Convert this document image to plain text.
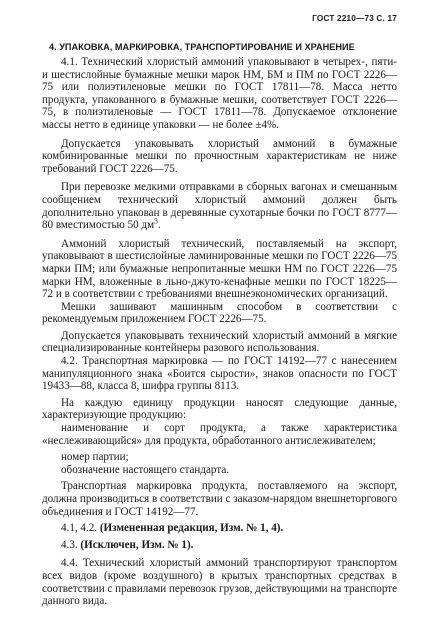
ГОСТ 2210—73 С. 17
4. УПАКОВКА, МАРКИРОВКА, ТРАНСПОРТИРОВАНИЕ И ХРАНЕНИЕ

4.1. Технический хлористый аммоний упаковывают в четырех-, пяти- и шестислойные бумажные мешки марок НМ, БМ и ПМ по ГОСТ 2226—75 или полиэтиленовые мешки по ГОСТ 17811—78. Масса нетто продукта, упакованного в бумажные мешки, соответствует ГОСТ 2226—75, в полиэтиленовые — ГОСТ 17811—78. Допускаемое отклонение массы нетто в единице упаковки — не более ±4%.

Допускается упаковывать хлористый аммоний в бумажные комбинированные мешки по прочностным характеристикам не ниже требований ГОСТ 2226—75.

При перевозке мелкими отправками в сборных вагонах и смешанным сообщением технический хлористый аммоний должен быть дополнительно упакован в деревянные сухотарные бочки по ГОСТ 8777—80 вместимостью 50 $дм^3$.

Аммоний хлористый технический, поставляемый на экспорт, упаковывают в шестислойные ламинированные мешки по ГОСТ 2226—75 марки ПМ; или бумажные непропитанные мешки НМ по ГОСТ 2226—75 марки НМ, вложенные в льно-джуто-кенафные мешки по ГОСТ 18225—72 и в соответствии с требованиями внешнеэкономических организаций.

Мешки зашивают машинным способом в соответствии с рекомендуемым приложением ГОСТ 2226—75.

Допускается упаковывать технический хлористый аммоний в мягкие специализированные контейнеры разового использования.

4.2. Транспортная маркировка — по ГОСТ 14192—77 с нанесением манипуляционного знака «Боится сырости», знаков опасности по ГОСТ 19433—88, класса 8, шифра группы 8113.

На каждую единицу продукции наносят следующие данные, характеризующие продукцию:

наименование и сорт продукта, а также характеристика «неслеживающийся» для продукта, обработанного антислеживателем;

номер партии;

обозначение настоящего стандарта.

Транспортная маркировка продукта, поставляемого на экспорт, должна производиться в соответствии с заказом-нарядом внешнеторгового объединения и ГОСТ 14192—77.

4.1, 4.2. (Измененная редакция, Изм. № 1, 4).

4.3. (Исключен, Изм. № 1).

4.4. Технический хлористый аммоний транспортируют транспортом всех видов (кроме воздушного) в крытых транспортных средствах в соответствии с правилами перевозок грузов, действующими на транспорте данного вида.
